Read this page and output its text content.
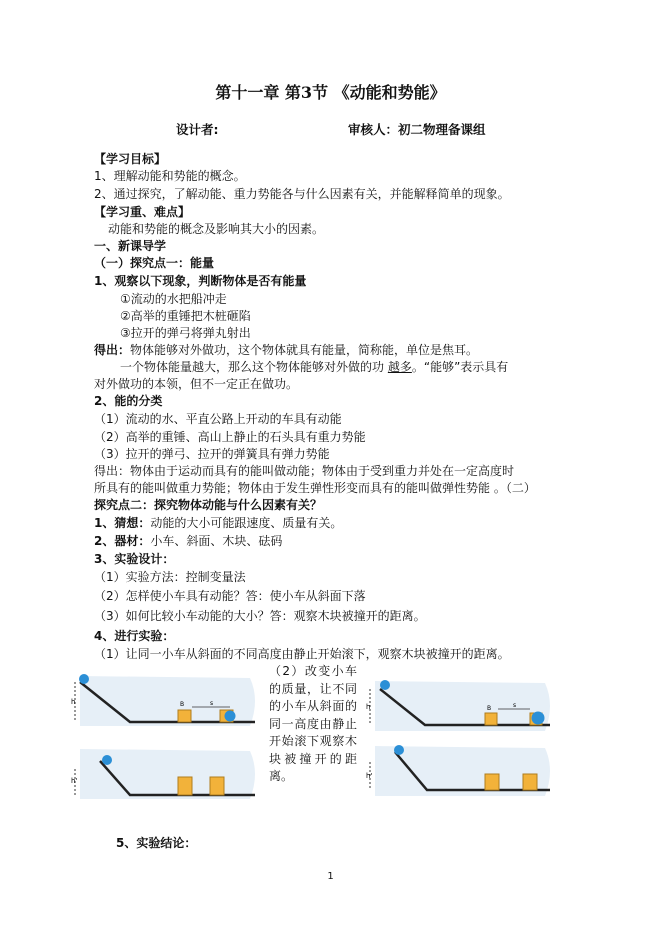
第十一章 第3节 《动能和势能》
设计者:	审核人：初二物理备课组
【学习目标】
1、理解动能和势能的概念。
2、通过探究，了解动能、重力势能各与什么因素有关，并能解释简单的现象。
【学习重、难点】
动能和势能的概念及影响其大小的因素。
一、新课导学
（一）探究点一：能量
1、观察以下现象，判断物体是否有能量
①流动的水把船冲走
②高举的重锤把木桩砸陷
③拉开的弹弓将弹丸射出
得出：物体能够对外做功，这个物体就具有能量，简称能，单位是焦耳。
一个物体能量越大，那么这个物体能够对外做的功 越多。“能够”表示具有
对外做功的本领，但不一定正在做功。
2、能的分类
（1）流动的水、平直公路上开动的车具有动能
（2）高举的重锤、高山上静止的石头具有重力势能
（3）拉开的弹弓、拉开的弹簧具有弹力势能
得出：物体由于运动而具有的能叫做动能；物体由于受到重力并处在一定高度时
所具有的能叫做重力势能；物体由于发生弹性形变而具有的能叫做弹性势能 。（二）
探究点二：探究物体动能与什么因素有关？
1、猜想：动能的大小可能跟速度、质量有关。
2、器材：小车、斜面、木块、砝码
3、实验设计：
（1）实验方法：控制变量法
（2）怎样使小车具有动能？答：使小车从斜面下落
（3）如何比较小车动能的大小？答：观察木块被撞开的距离。
4、进行实验：
（1）让同一小车从斜面的不同高度由静止开始滚下，观察木块被撞开的距离。
（2）改变小车的质量，让不同的小车从斜面的同一高度由静止开始滚下观察木块被撞开的距离。
h	B	s
h'
h	B	s
h'
5、实验结论：
1
